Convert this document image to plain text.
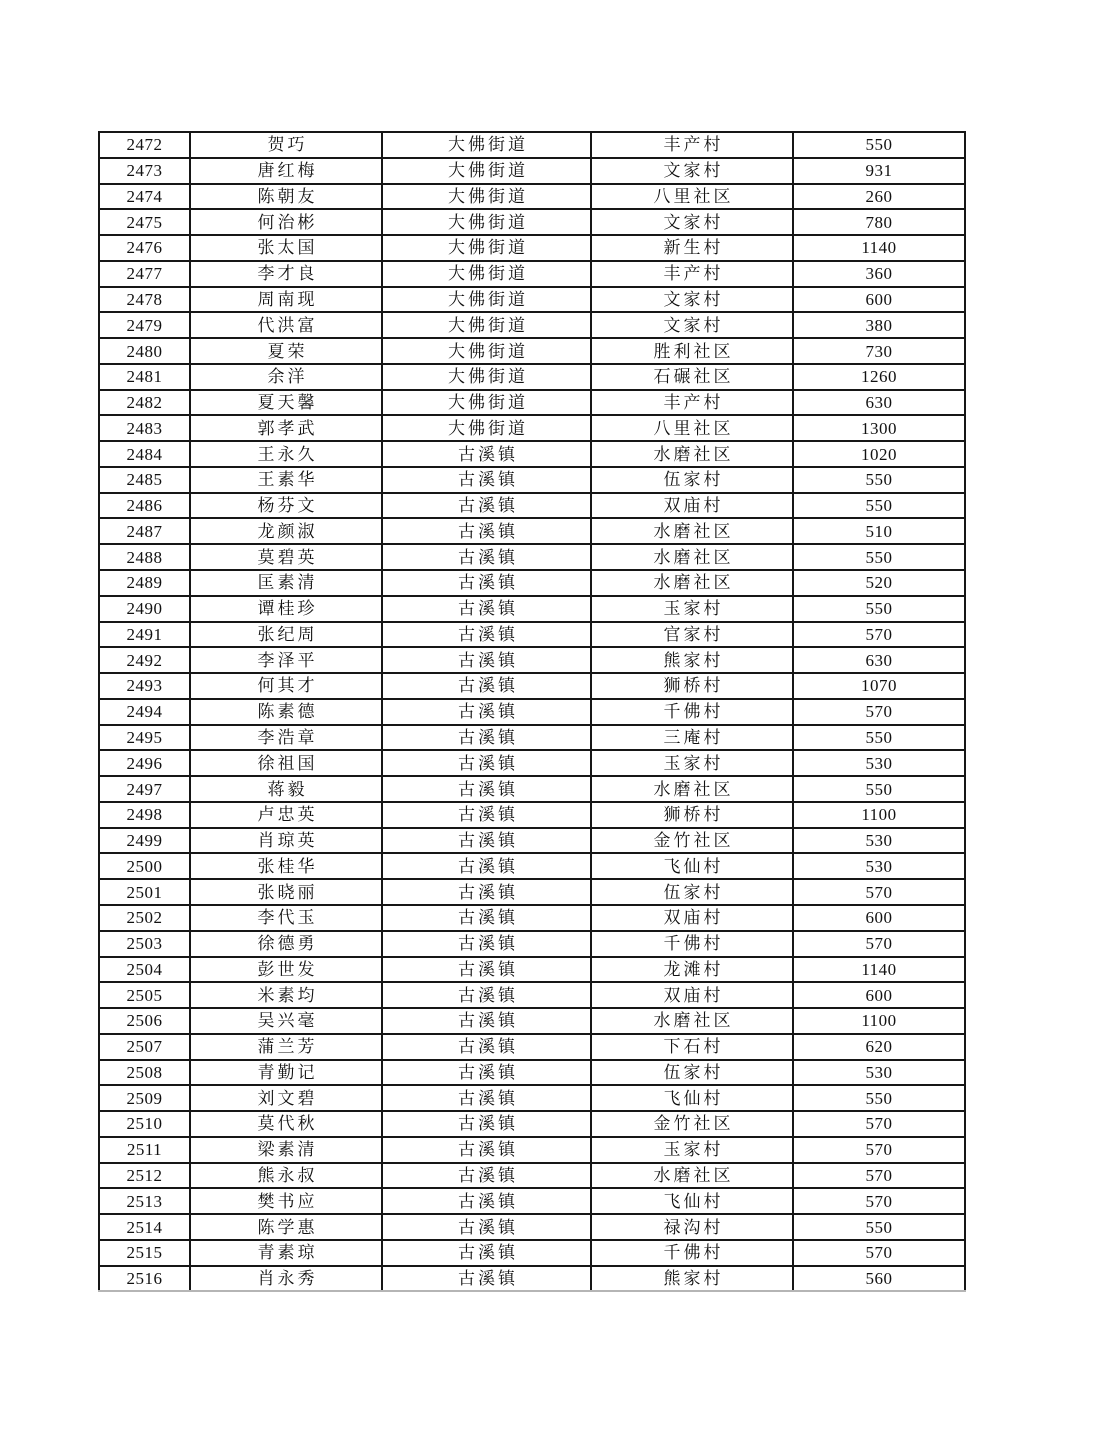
2472	贺巧	大佛街道	丰产村	550
2473	唐红梅	大佛街道	文家村	931
2474	陈朝友	大佛街道	八里社区	260
2475	何治彬	大佛街道	文家村	780
2476	张太国	大佛街道	新生村	1140
2477	李才良	大佛街道	丰产村	360
2478	周南现	大佛街道	文家村	600
2479	代洪富	大佛街道	文家村	380
2480	夏荣	大佛街道	胜利社区	730
2481	余洋	大佛街道	石碾社区	1260
2482	夏天馨	大佛街道	丰产村	630
2483	郭孝武	大佛街道	八里社区	1300
2484	王永久	古溪镇	水磨社区	1020
2485	王素华	古溪镇	伍家村	550
2486	杨芬文	古溪镇	双庙村	550
2487	龙颜淑	古溪镇	水磨社区	510
2488	莫碧英	古溪镇	水磨社区	550
2489	匡素清	古溪镇	水磨社区	520
2490	谭桂珍	古溪镇	玉家村	550
2491	张纪周	古溪镇	官家村	570
2492	李泽平	古溪镇	熊家村	630
2493	何其才	古溪镇	狮桥村	1070
2494	陈素德	古溪镇	千佛村	570
2495	李浩章	古溪镇	三庵村	550
2496	徐祖国	古溪镇	玉家村	530
2497	蒋毅	古溪镇	水磨社区	550
2498	卢忠英	古溪镇	狮桥村	1100
2499	肖琼英	古溪镇	金竹社区	530
2500	张桂华	古溪镇	飞仙村	530
2501	张晓丽	古溪镇	伍家村	570
2502	李代玉	古溪镇	双庙村	600
2503	徐德勇	古溪镇	千佛村	570
2504	彭世发	古溪镇	龙滩村	1140
2505	米素均	古溪镇	双庙村	600
2506	吴兴毫	古溪镇	水磨社区	1100
2507	蒲兰芳	古溪镇	下石村	620
2508	青勤记	古溪镇	伍家村	530
2509	刘文碧	古溪镇	飞仙村	550
2510	莫代秋	古溪镇	金竹社区	570
2511	梁素清	古溪镇	玉家村	570
2512	熊永叔	古溪镇	水磨社区	570
2513	樊书应	古溪镇	飞仙村	570
2514	陈学惠	古溪镇	禄沟村	550
2515	青素琼	古溪镇	千佛村	570
2516	肖永秀	古溪镇	熊家村	560
